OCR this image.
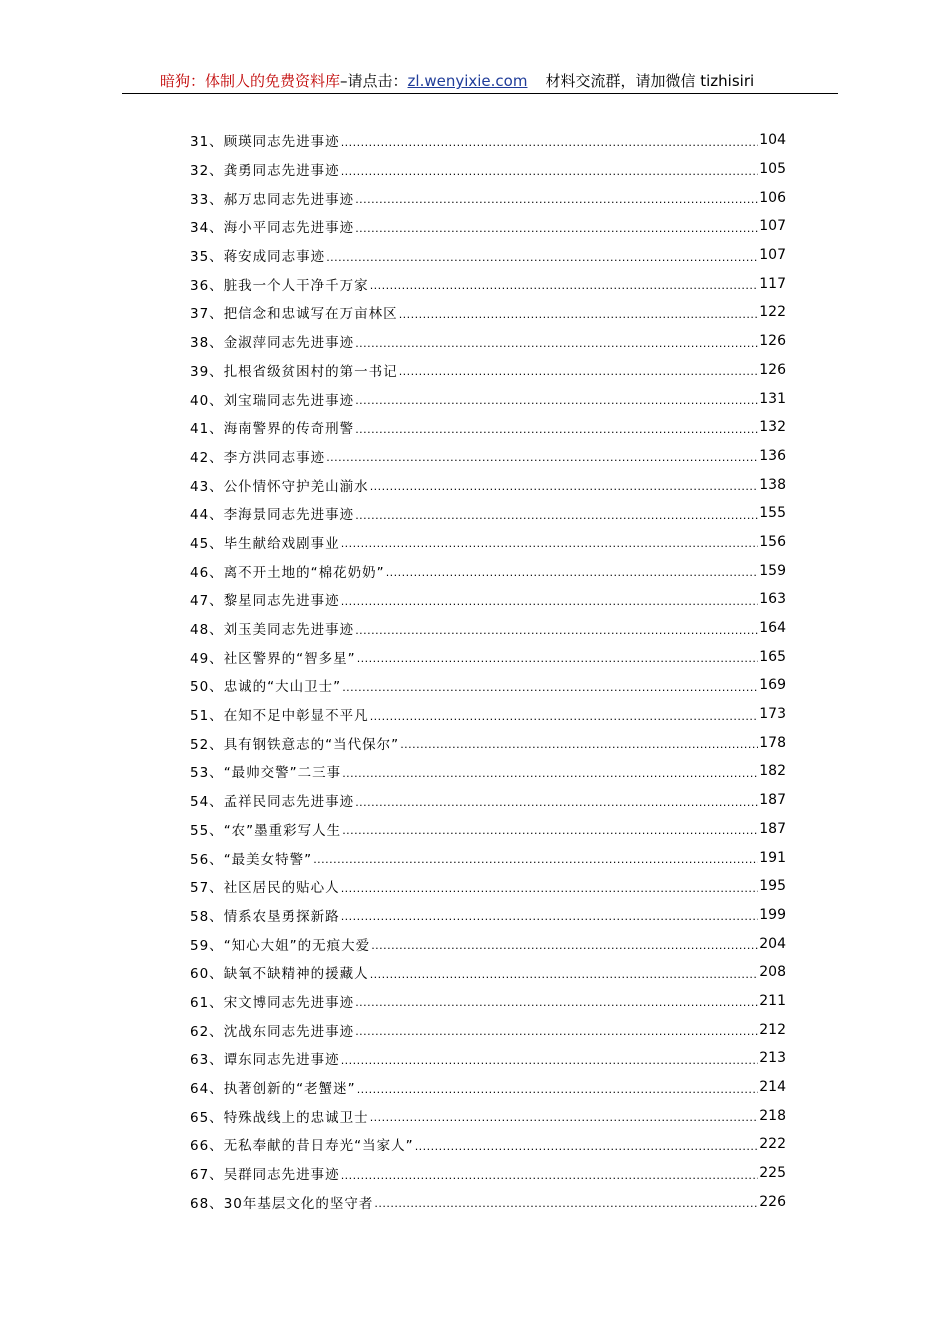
暗狗：体制人的免费资料库–请点击：zl.wenyixie.com 材料交流群，请加微信 tizhisiri
31、 顾瑛同志先进事迹 .....	104
32、 龚勇同志先进事迹 .....	105
33、 郝万忠同志先进事迹 .....	106
34、 海小平同志先进事迹 .....	107
35、 蒋安成同志事迹 .....	107
36、 脏我一个人干净千万家 .....	117
37、 把信念和忠诚写在万亩林区 .....	122
38、 金淑萍同志先进事迹 .....	126
39、 扎根省级贫困村的第一书记 .....	126
40、 刘宝瑞同志先进事迹 .....	131
41、 海南警界的传奇刑警 .....	132
42、 李方洪同志事迹 .....	136
43、 公仆情怀守护羌山湔水 .....	138
44、 李海景同志先进事迹 .....	155
45、 毕生献给戏剧事业 .....	156
46、 离不开土地的“棉花奶奶” .....	159
47、 黎星同志先进事迹 .....	163
48、 刘玉美同志先进事迹 .....	164
49、 社区警界的“智多星” .....	165
50、 忠诚的“大山卫士” .....	169
51、 在知不足中彰显不平凡 .....	173
52、 具有钢铁意志的“当代保尔” .....	178
53、 “最帅交警”二三事 .....	182
54、 孟祥民同志先进事迹 .....	187
55、 “农”墨重彩写人生 .....	187
56、 “最美女特警” .....	191
57、 社区居民的贴心人 .....	195
58、 情系农垦勇探新路 .....	199
59、 “知心大姐”的无痕大爱 .....	204
60、 缺氧不缺精神的援藏人 .....	208
61、 宋文博同志先进事迹 .....	211
62、 沈战东同志先进事迹 .....	212
63、 谭东同志先进事迹 .....	213
64、 执著创新的“老蟹迷” .....	214
65、 特殊战线上的忠诚卫士 .....	218
66、 无私奉献的昔日寿光“当家人” .....	222
67、 吴群同志先进事迹 .....	225
68、 30年基层文化的坚守者 .....	226
